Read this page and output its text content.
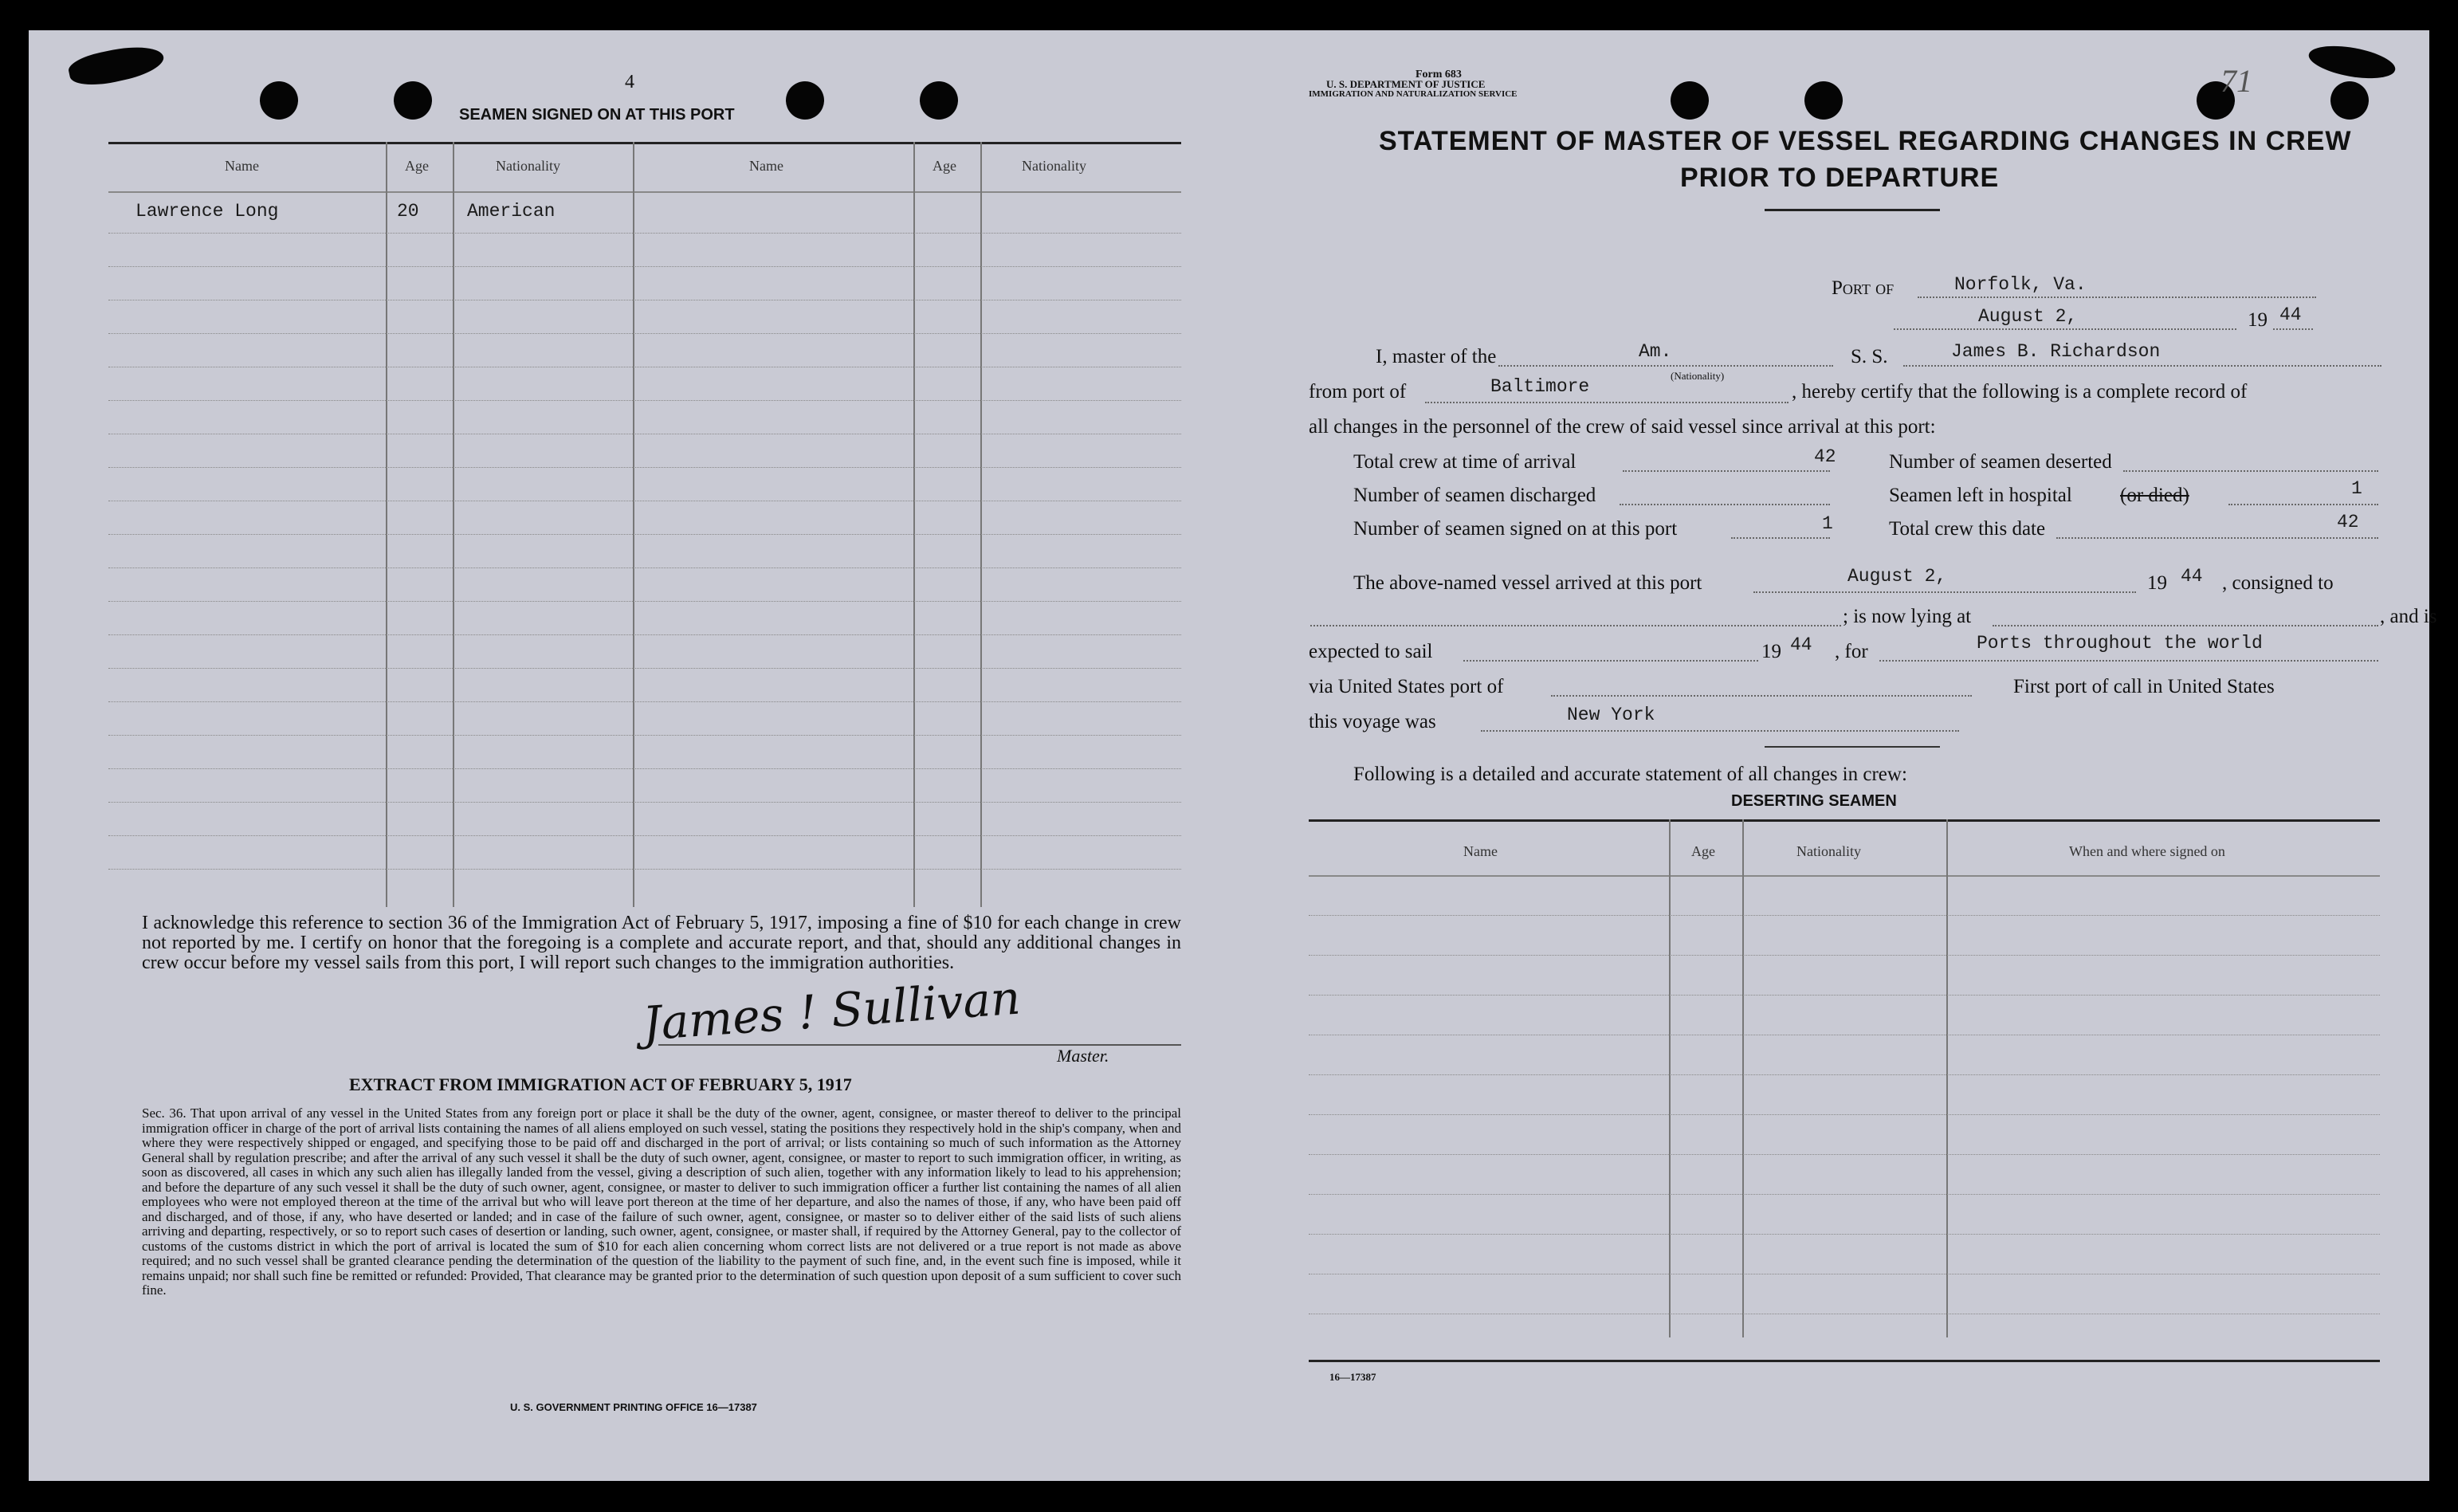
4
SEAMEN SIGNED ON AT THIS PORT
Name	Age	Nationality	Name	Age	Nationality
Lawrence Long	20	American
I acknowledge this reference to section 36 of the Immigration Act of February 5, 1917, imposing a fine of $10 for each change in crew not reported by me. I certify on honor that the foregoing is a complete and accurate report, and that, should any additional changes in crew occur before my vessel sails from this port, I will report such changes to the immigration authorities.
James ! Sullivan
Master.
EXTRACT FROM IMMIGRATION ACT OF FEBRUARY 5, 1917
Sec. 36. That upon arrival of any vessel in the United States from any foreign port or place it shall be the duty of the owner, agent, consignee, or master thereof to deliver to the principal immigration officer in charge of the port of arrival lists containing the names of all aliens employed on such vessel, stating the positions they respectively hold in the ship's company, when and where they were respectively shipped or engaged, and specifying those to be paid off and discharged in the port of arrival; or lists containing so much of such information as the Attorney General shall by regulation prescribe; and after the arrival of any such vessel it shall be the duty of such owner, agent, consignee, or master to report to such immigration officer, in writing, as soon as discovered, all cases in which any such alien has illegally landed from the vessel, giving a description of such alien, together with any information likely to lead to his apprehension; and before the departure of any such vessel it shall be the duty of such owner, agent, consignee, or master to deliver to such immigration officer a further list containing the names of all alien employees who were not employed thereon at the time of the arrival but who will leave port thereon at the time of her departure, and also the names of those, if any, who have been paid off and discharged, and of those, if any, who have deserted or landed; and in case of the failure of such owner, agent, consignee, or master so to deliver either of the said lists of such aliens arriving and departing, respectively, or so to report such cases of desertion or landing, such owner, agent, consignee, or master shall, if required by the Attorney General, pay to the collector of customs of the customs district in which the port of arrival is located the sum of $10 for each alien concerning whom correct lists are not delivered or a true report is not made as above required; and no such vessel shall be granted clearance pending the determination of the question of the liability to the payment of such fine, and, in the event such fine is imposed, while it remains unpaid; nor shall such fine be remitted or refunded: Provided, That clearance may be granted prior to the determination of such question upon deposit of a sum sufficient to cover such fine.
U. S. GOVERNMENT PRINTING OFFICE 16—17387
Form 683
U. S. DEPARTMENT OF JUSTICE
IMMIGRATION AND NATURALIZATION SERVICE	71
STATEMENT OF MASTER OF VESSEL REGARDING CHANGES IN CREW
PRIOR TO DEPARTURE
Port of	Norfolk, Va.
August 2,	19 44
I, master of the	Am.
(Nationality)
S. S.	James B. Richardson
from port of	Baltimore	, hereby certify that the following is a complete record of
all changes in the personnel of the crew of said vessel since arrival at this port:
Total crew at time of arrival	42
Number of seamen discharged
Number of seamen signed on at this port	1
Number of seamen deserted
Seamen left in hospital (or died)	1
Total crew this date	42
The above-named vessel arrived at this port	August 2,	19 44 , consigned to
; is now lying at	, and is
expected to sail	19 44 , for	Ports throughout the world
via United States port of	First port of call in United States
this voyage was	New York
Following is a detailed and accurate statement of all changes in crew:
DESERTING SEAMEN
Name	Age	Nationality	When and where signed on
16—17387
